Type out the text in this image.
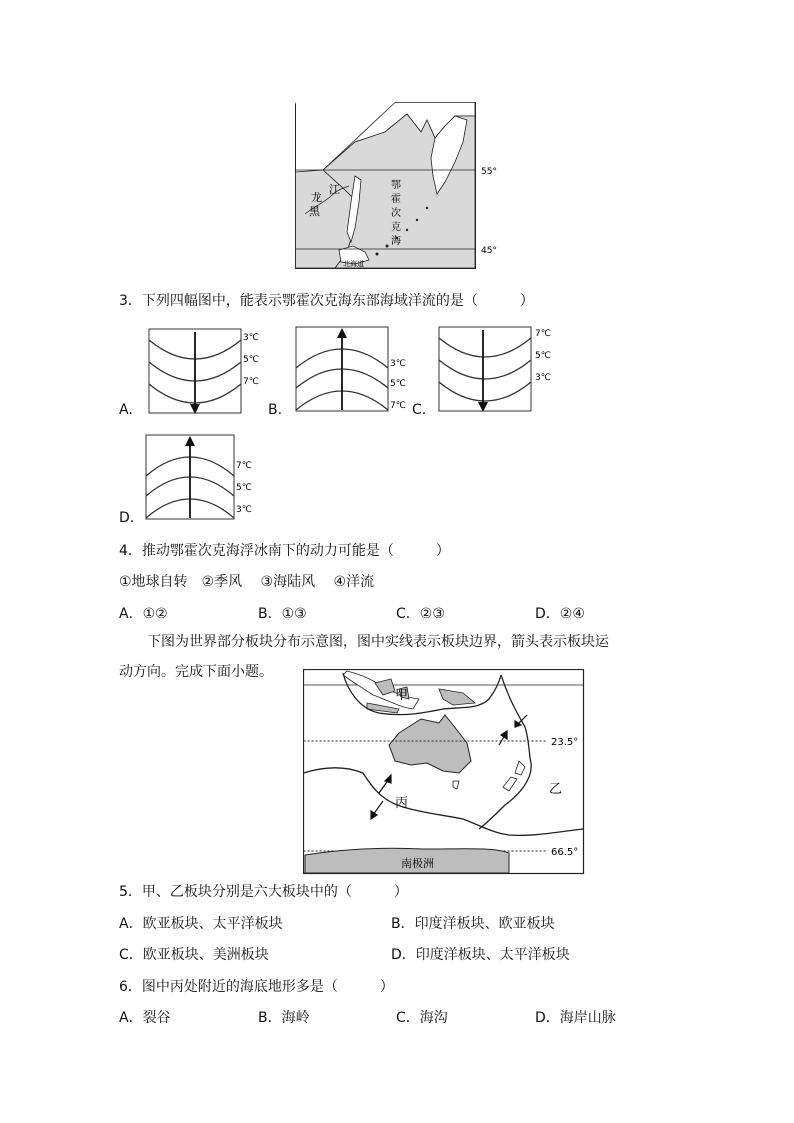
55°
45°
鄂
霍
次
克
海
黑
龙
江
北海道
3．下列四幅图中，能表示鄂霍次克海东部海域洋流的是（　　　）
A.
3℃
5℃
7℃
B.
3℃
5℃
7℃ C.
7℃
5℃
3℃
D.
7℃
5℃
3℃
4．推动鄂霍次克海浮冰南下的动力可能是（　　　）
①地球自转　②季风　 ③海陆风　 ④洋流
A．①②	B．①③	C．②③	D．②④
下图为世界部分板块分布示意图，图中实线表示板块边界，箭头表示板块运
动方向。完成下面小题。
23.5°
66.5°
南极洲
甲
乙
丙
5．甲、乙板块分别是六大板块中的（　　　）
A．欧亚板块、太平洋板块	B．印度洋板块、欧亚板块
C．欧亚板块、美洲板块	D．印度洋板块、太平洋板块
6．图中丙处附近的海底地形多是（　　　）
A．裂谷	B．海岭	C．海沟	D．海岸山脉
